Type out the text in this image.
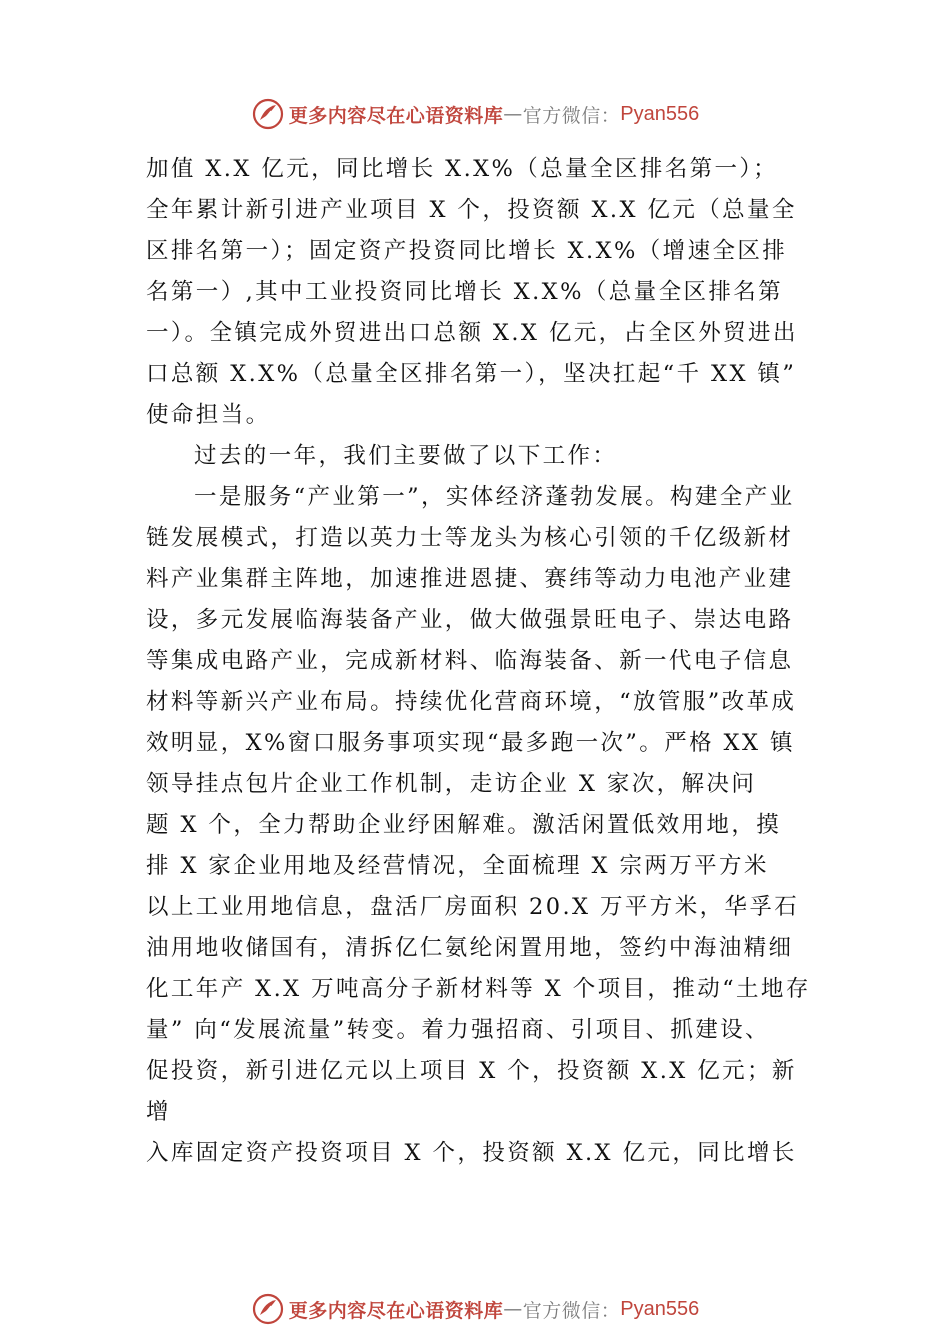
更多内容尽在心语资料库 — 官方微信： Pyan556
加值 X.X 亿元，同比增长 X.X%（总量全区排名第一）；
全年累计新引进产业项目 X 个，投资额 X.X 亿元（总量全
区排名第一）；固定资产投资同比增长 X.X%（增速全区排
名第一）,其中工业投资同比增长 X.X%（总量全区排名第
一）。全镇完成外贸进出口总额 X.X 亿元，占全区外贸进出
口总额 X.X%（总量全区排名第一），坚决扛起“千 XX 镇”
使命担当。
过去的一年，我们主要做了以下工作：
一是服务“产业第一”，实体经济蓬勃发展。构建全产业
链发展模式，打造以英力士等龙头为核心引领的千亿级新材
料产业集群主阵地，加速推进恩捷、赛纬等动力电池产业建
设，多元发展临海装备产业，做大做强景旺电子、崇达电路
等集成电路产业，完成新材料、临海装备、新一代电子信息
材料等新兴产业布局。持续优化营商环境，“放管服”改革成
效明显，X%窗口服务事项实现“最多跑一次”。严格 XX 镇
领导挂点包片企业工作机制，走访企业 X 家次，解决问
题 X 个，全力帮助企业纾困解难。激活闲置低效用地，摸
排 X 家企业用地及经营情况，全面梳理 X 宗两万平方米
以上工业用地信息，盘活厂房面积 20.X 万平方米，华孚石
油用地收储国有，清拆亿仁氨纶闲置用地，签约中海油精细
化工年产 X.X 万吨高分子新材料等 X 个项目，推动“土地存
量” 向“发展流量”转变。着力强招商、引项目、抓建设、
促投资，新引进亿元以上项目 X 个，投资额 X.X 亿元；新
增
入库固定资产投资项目 X 个，投资额 X.X 亿元，同比增长
更多内容尽在心语资料库 — 官方微信： Pyan556
